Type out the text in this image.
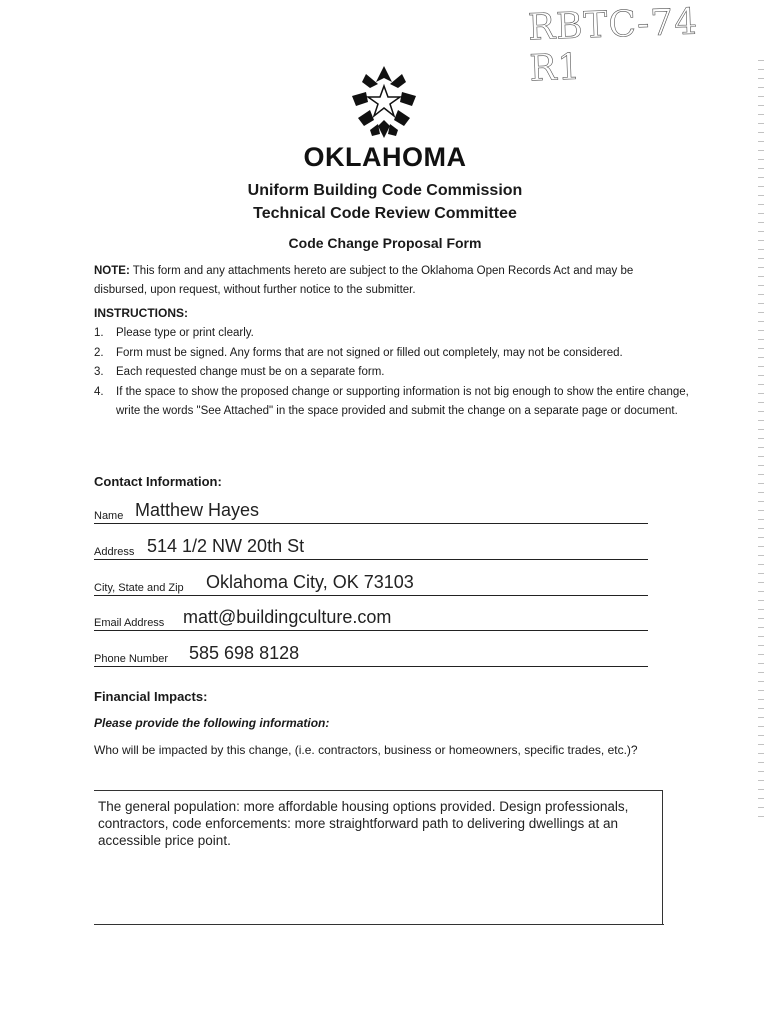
RBTC-74 R1
OKLAHOMA
Uniform Building Code Commission
Technical Code Review Committee
Code Change Proposal Form
NOTE: This form and any attachments hereto are subject to the Oklahoma Open Records Act and may be disbursed, upon request, without further notice to the submitter.
INSTRUCTIONS:
1. Please type or print clearly.
2. Form must be signed. Any forms that are not signed or filled out completely, may not be considered.
3. Each requested change must be on a separate form.
4. If the space to show the proposed change or supporting information is not big enough to show the entire change, write the words "See Attached" in the space provided and submit the change on a separate page or document.
Contact Information:
Name Matthew Hayes
Address 514 1/2 NW 20th St
City, State and Zip Oklahoma City, OK 73103
Email Address matt@buildingculture.com
Phone Number 585 698 8128
Financial Impacts:
Please provide the following information:
Who will be impacted by this change, (i.e. contractors, business or homeowners, specific trades, etc.)?
The general population: more affordable housing options provided. Design professionals, contractors, code enforcements: more straightforward path to delivering dwellings at an accessible price point.
